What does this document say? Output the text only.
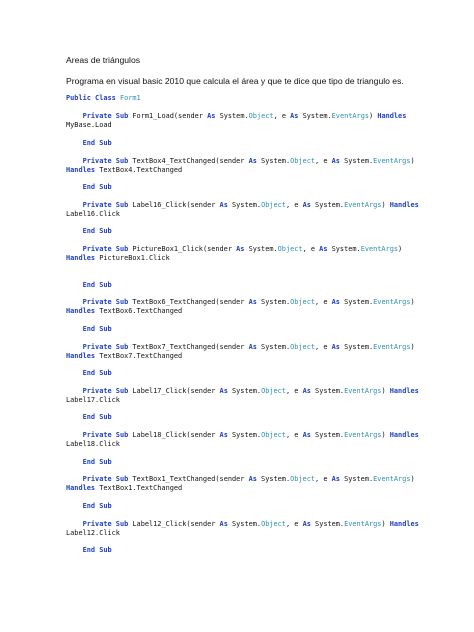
Areas de triángulos

Programa en visual basic 2010 que calcula el área y que te dice que tipo de triangulo es.

Public Class Form1
Private Sub Form1_Load(sender As System.Object, e As System.EventArgs) Handles
MyBase.Load
End Sub
Private Sub TextBox4_TextChanged(sender As System.Object, e As System.EventArgs)
Handles TextBox4.TextChanged
End Sub
Private Sub Label16_Click(sender As System.Object, e As System.EventArgs) Handles
Label16.Click
End Sub
Private Sub PictureBox1_Click(sender As System.Object, e As System.EventArgs)
Handles PictureBox1.Click
End Sub
Private Sub TextBox6_TextChanged(sender As System.Object, e As System.EventArgs)
Handles TextBox6.TextChanged
End Sub
Private Sub TextBox7_TextChanged(sender As System.Object, e As System.EventArgs)
Handles TextBox7.TextChanged
End Sub
Private Sub Label17_Click(sender As System.Object, e As System.EventArgs) Handles
Label17.Click
End Sub
Private Sub Label18_Click(sender As System.Object, e As System.EventArgs) Handles
Label18.Click
End Sub
Private Sub TextBox1_TextChanged(sender As System.Object, e As System.EventArgs)
Handles TextBox1.TextChanged
End Sub
Private Sub Label12_Click(sender As System.Object, e As System.EventArgs) Handles
Label12.Click
End Sub
